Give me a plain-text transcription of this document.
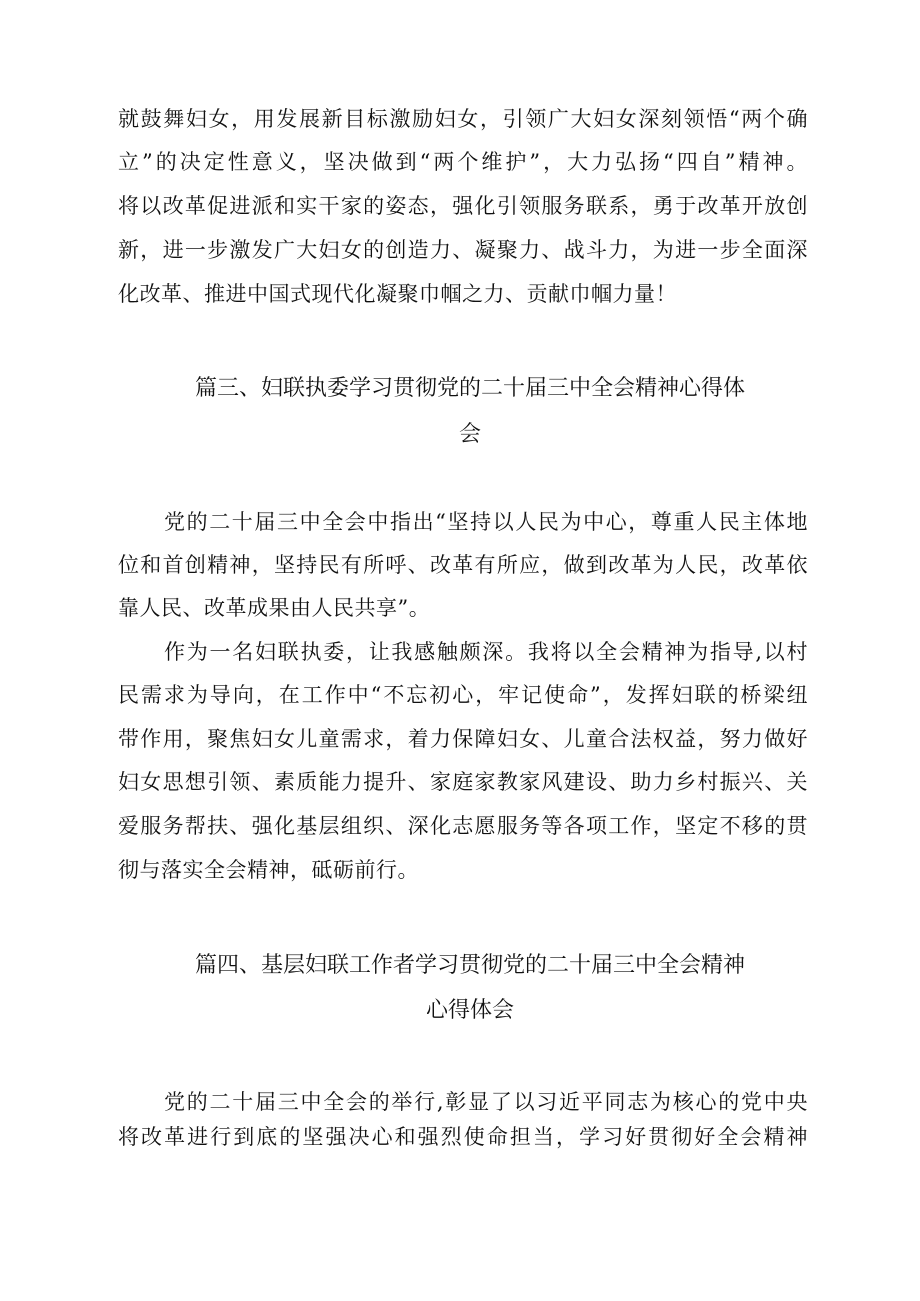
就鼓舞妇女，用发展新目标激励妇女，引领广大妇女深刻领悟“两个确
立”的决定性意义，坚决做到“两个维护”，大力弘扬“四自”精神。
将以改革促进派和实干家的姿态，强化引领服务联系，勇于改革开放创
新，进一步激发广大妇女的创造力、凝聚力、战斗力，为进一步全面深
化改革、推进中国式现代化凝聚巾帼之力、贡献巾帼力量！
篇三、妇联执委学习贯彻党的二十届三中全会精神心得体
会
党的二十届三中全会中指出“坚持以人民为中心，尊重人民主体地
位和首创精神，坚持民有所呼、改革有所应，做到改革为人民，改革依
靠人民、改革成果由人民共享”。
作为一名妇联执委，让我感触颇深。我将以全会精神为指导,以村
民需求为导向，在工作中“不忘初心，牢记使命”，发挥妇联的桥梁纽
带作用，聚焦妇女儿童需求，着力保障妇女、儿童合法权益，努力做好
妇女思想引领、素质能力提升、家庭家教家风建设、助力乡村振兴、关
爱服务帮扶、强化基层组织、深化志愿服务等各项工作，坚定不移的贯
彻与落实全会精神，砥砺前行。
篇四、基层妇联工作者学习贯彻党的二十届三中全会精神
心得体会
党的二十届三中全会的举行,彰显了以习近平同志为核心的党中央
将改革进行到底的坚强决心和强烈使命担当，学习好贯彻好全会精神
